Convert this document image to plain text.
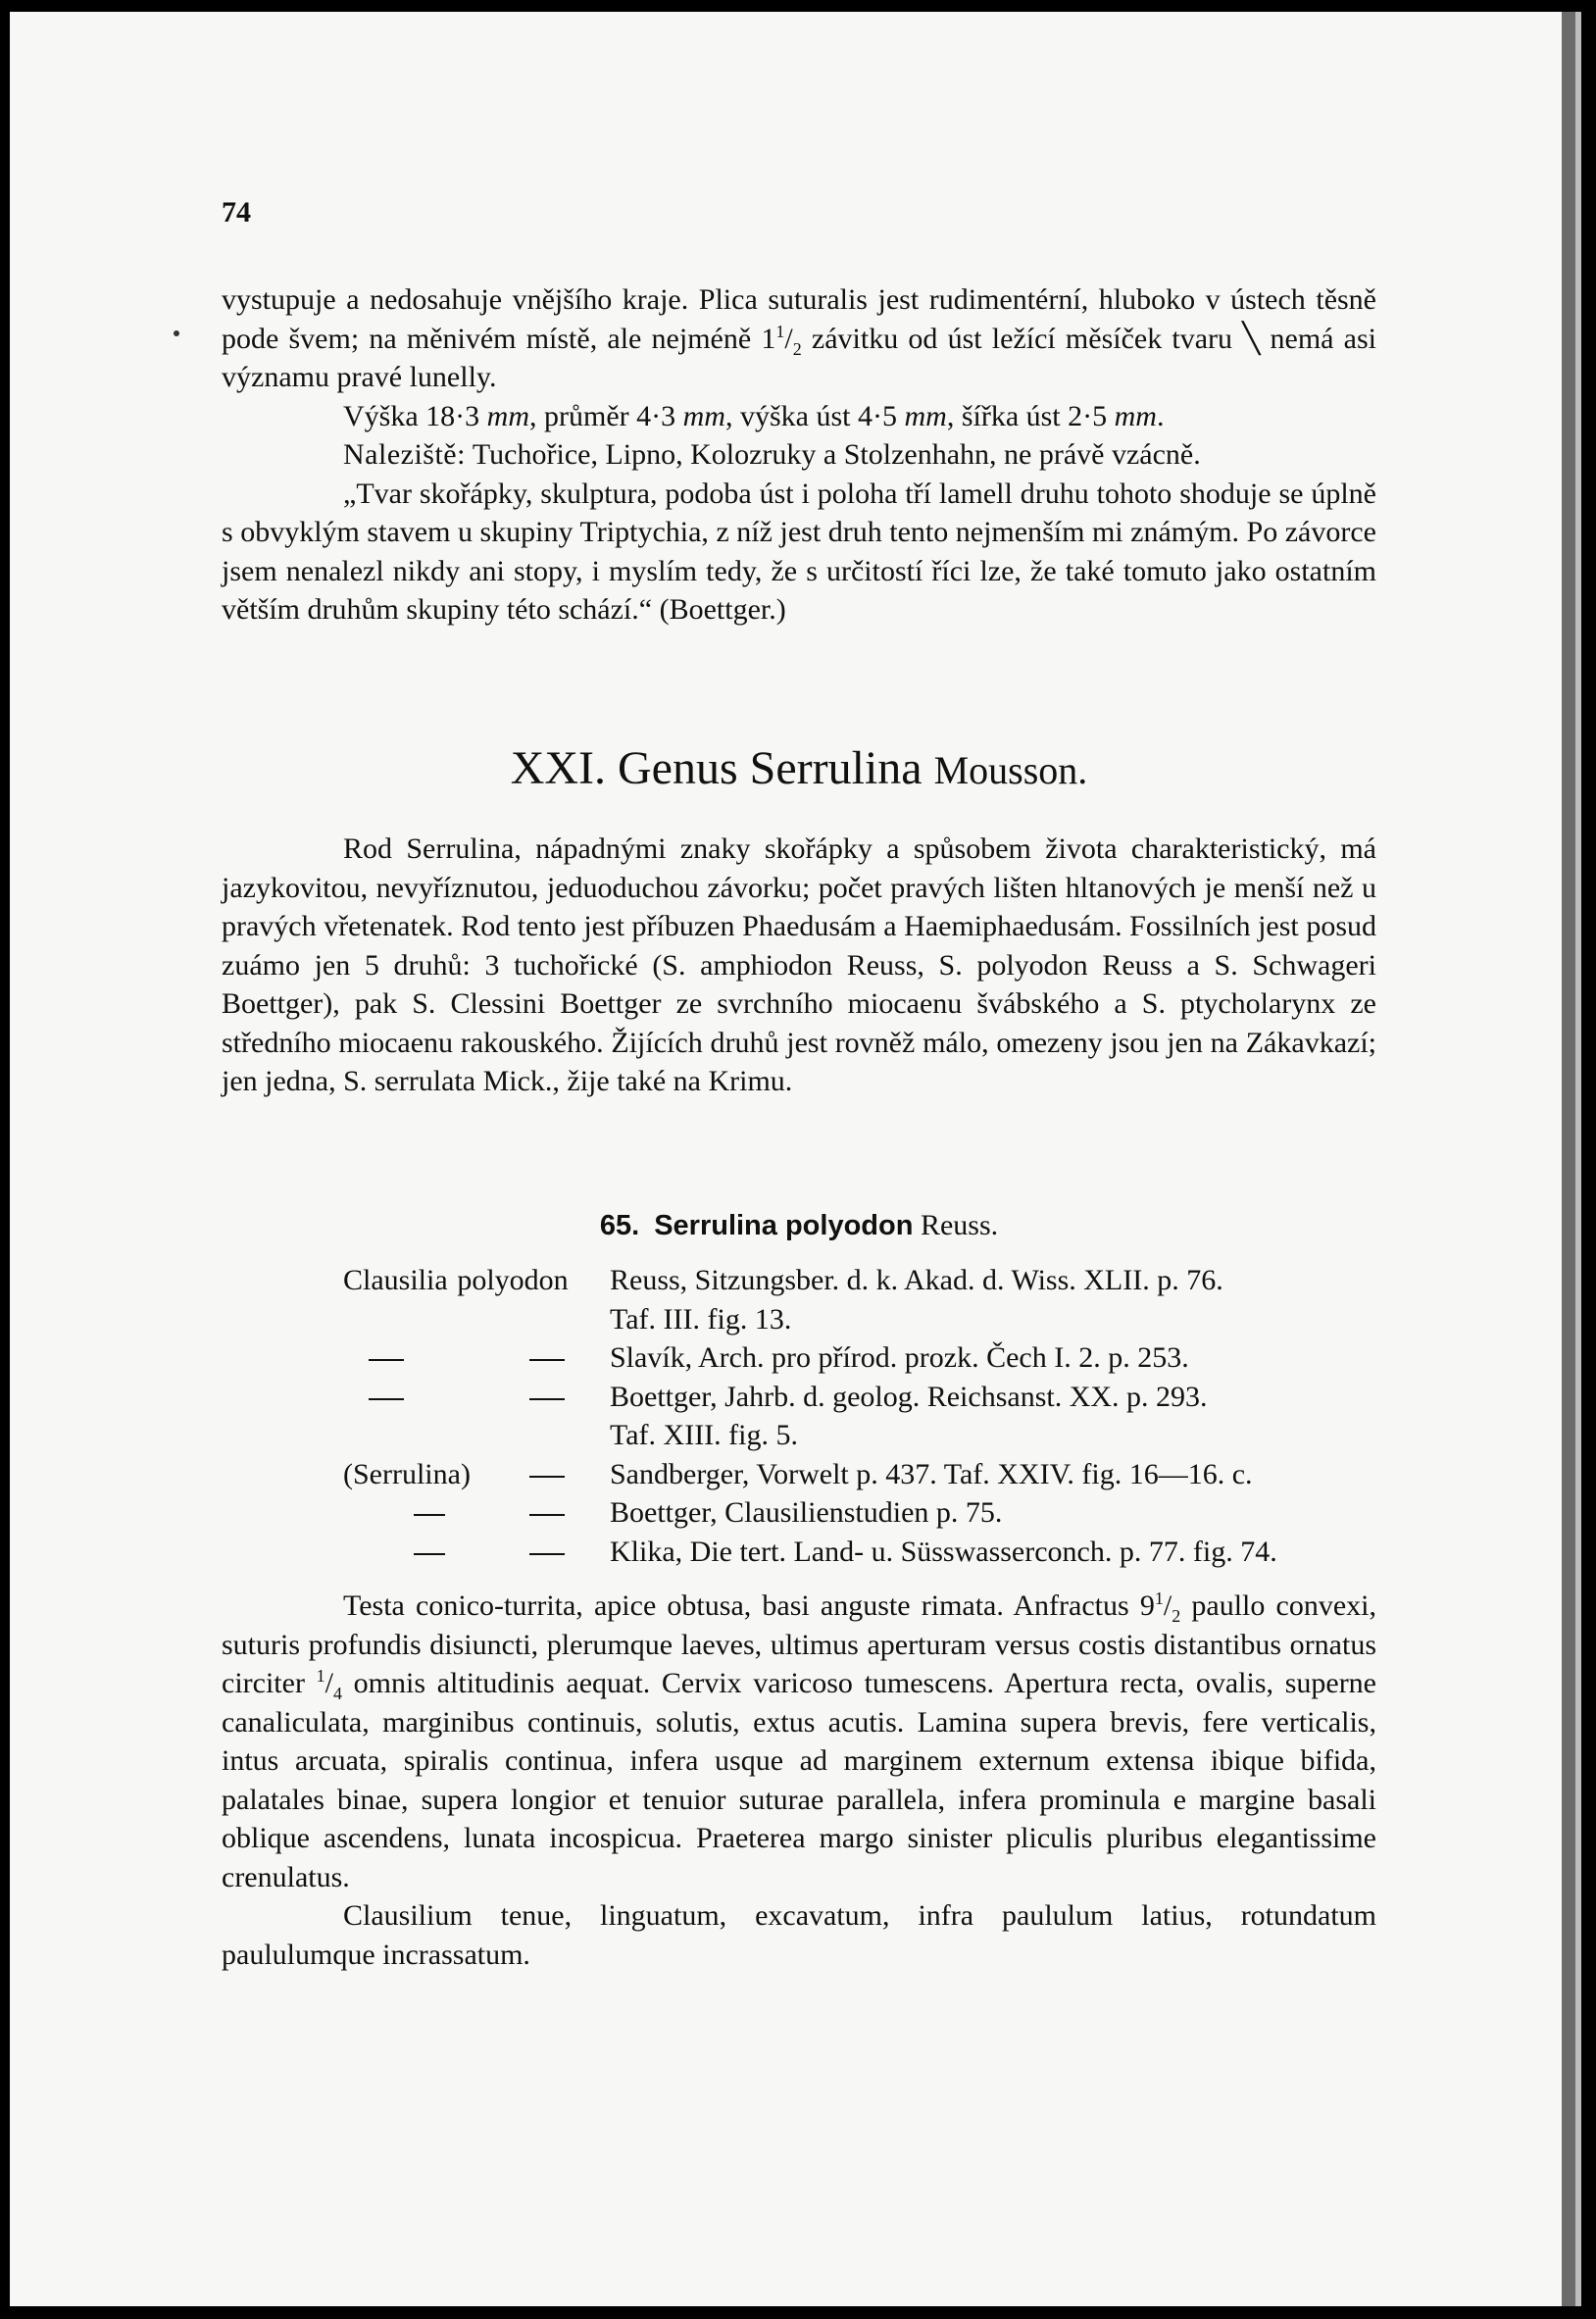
74

vystupuje a nedosahuje vnějšího kraje. Plica suturalis jest rudimentérní, hluboko v ústech těsně pode švem; na měnivém místě, ale nejméně $1^1/_2$ závitku od úst ležící měsíček tvaru ╲ nemá asi významu pravé lunelly.

Výška 18·3 mm, průměr 4·3 mm, výška úst 4·5 mm, šířka úst 2·5 mm.

Naleziště: Tuchořice, Lipno, Kolozruky a Stolzenhahn, ne právě vzácně.

„Tvar skořápky, skulptura, podoba úst i poloha tří lamell druhu tohoto shoduje se úplně s obvyklým stavem u skupiny Triptychia, z níž jest druh tento nejmenším mi známým. Po závorce jsem nenalezl nikdy ani stopy, i myslím tedy, že s určitostí říci lze, že také tomuto jako ostatním větším druhům skupiny této schází.“ (Boettger.)

XXI. Genus Serrulina Mousson.

Rod Serrulina, nápadnými znaky skořápky a spůsobem života charakteristický, má jazykovitou, nevyříznutou, jeduoduchou závorku; počet pravých lišten hltanových je menší než u pravých vřetenatek. Rod tento jest příbuzen Phaedusám a Haemiphaedusám. Fossilních jest posud zuámo jen 5 druhů: 3 tuchořické (S. amphiodon Reuss, S. polyodon Reuss a S. Schwageri Boettger), pak S. Clessini Boettger ze svrchního miocaenu švábského a S. ptycholarynx ze středního miocaenu rakouského. Žijících druhů jest rovněž málo, omezeny jsou jen na Zákavkazí; jen jedna, S. serrulata Mick., žije také na Krimu.

65. Serrulina polyodon Reuss.
Clausilia polyodon	Reuss, Sitzungsber. d. k. Akad. d. Wiss. XLII. p. 76.
Taf. III. fig. 13.
Slavík, Arch. pro přírod. prozk. Čech I. 2. p. 253.
Boettger, Jahrb. d. geolog. Reichsanst. XX. p. 293.
Taf. XIII. fig. 5.
(Serrulina)	Sandberger, Vorwelt p. 437. Taf. XXIV. fig. 16—16. c.
Boettger, Clausilienstudien p. 75.
Klika, Die tert. Land- u. Süsswasserconch. p. 77. fig. 74.

Testa conico-turrita, apice obtusa, basi anguste rimata. Anfractus $9^1/_2$ paullo convexi, suturis profundis disiuncti, plerumque laeves, ultimus aperturam versus costis distantibus ornatus circiter $^1/_4$ omnis altitudinis aequat. Cervix varicoso tumescens. Apertura recta, ovalis, superne canaliculata, marginibus continuis, solutis, extus acutis. Lamina supera brevis, fere verticalis, intus arcuata, spiralis continua, infera usque ad marginem externum extensa ibique bifida, palatales binae, supera longior et tenuior suturae parallela, infera prominula e margine basali oblique ascendens, lunata incospicua. Praeterea margo sinister pliculis pluribus elegantissime crenulatus.

Clausilium tenue, linguatum, excavatum, infra paululum latius, rotundatum paululumque incrassatum.
